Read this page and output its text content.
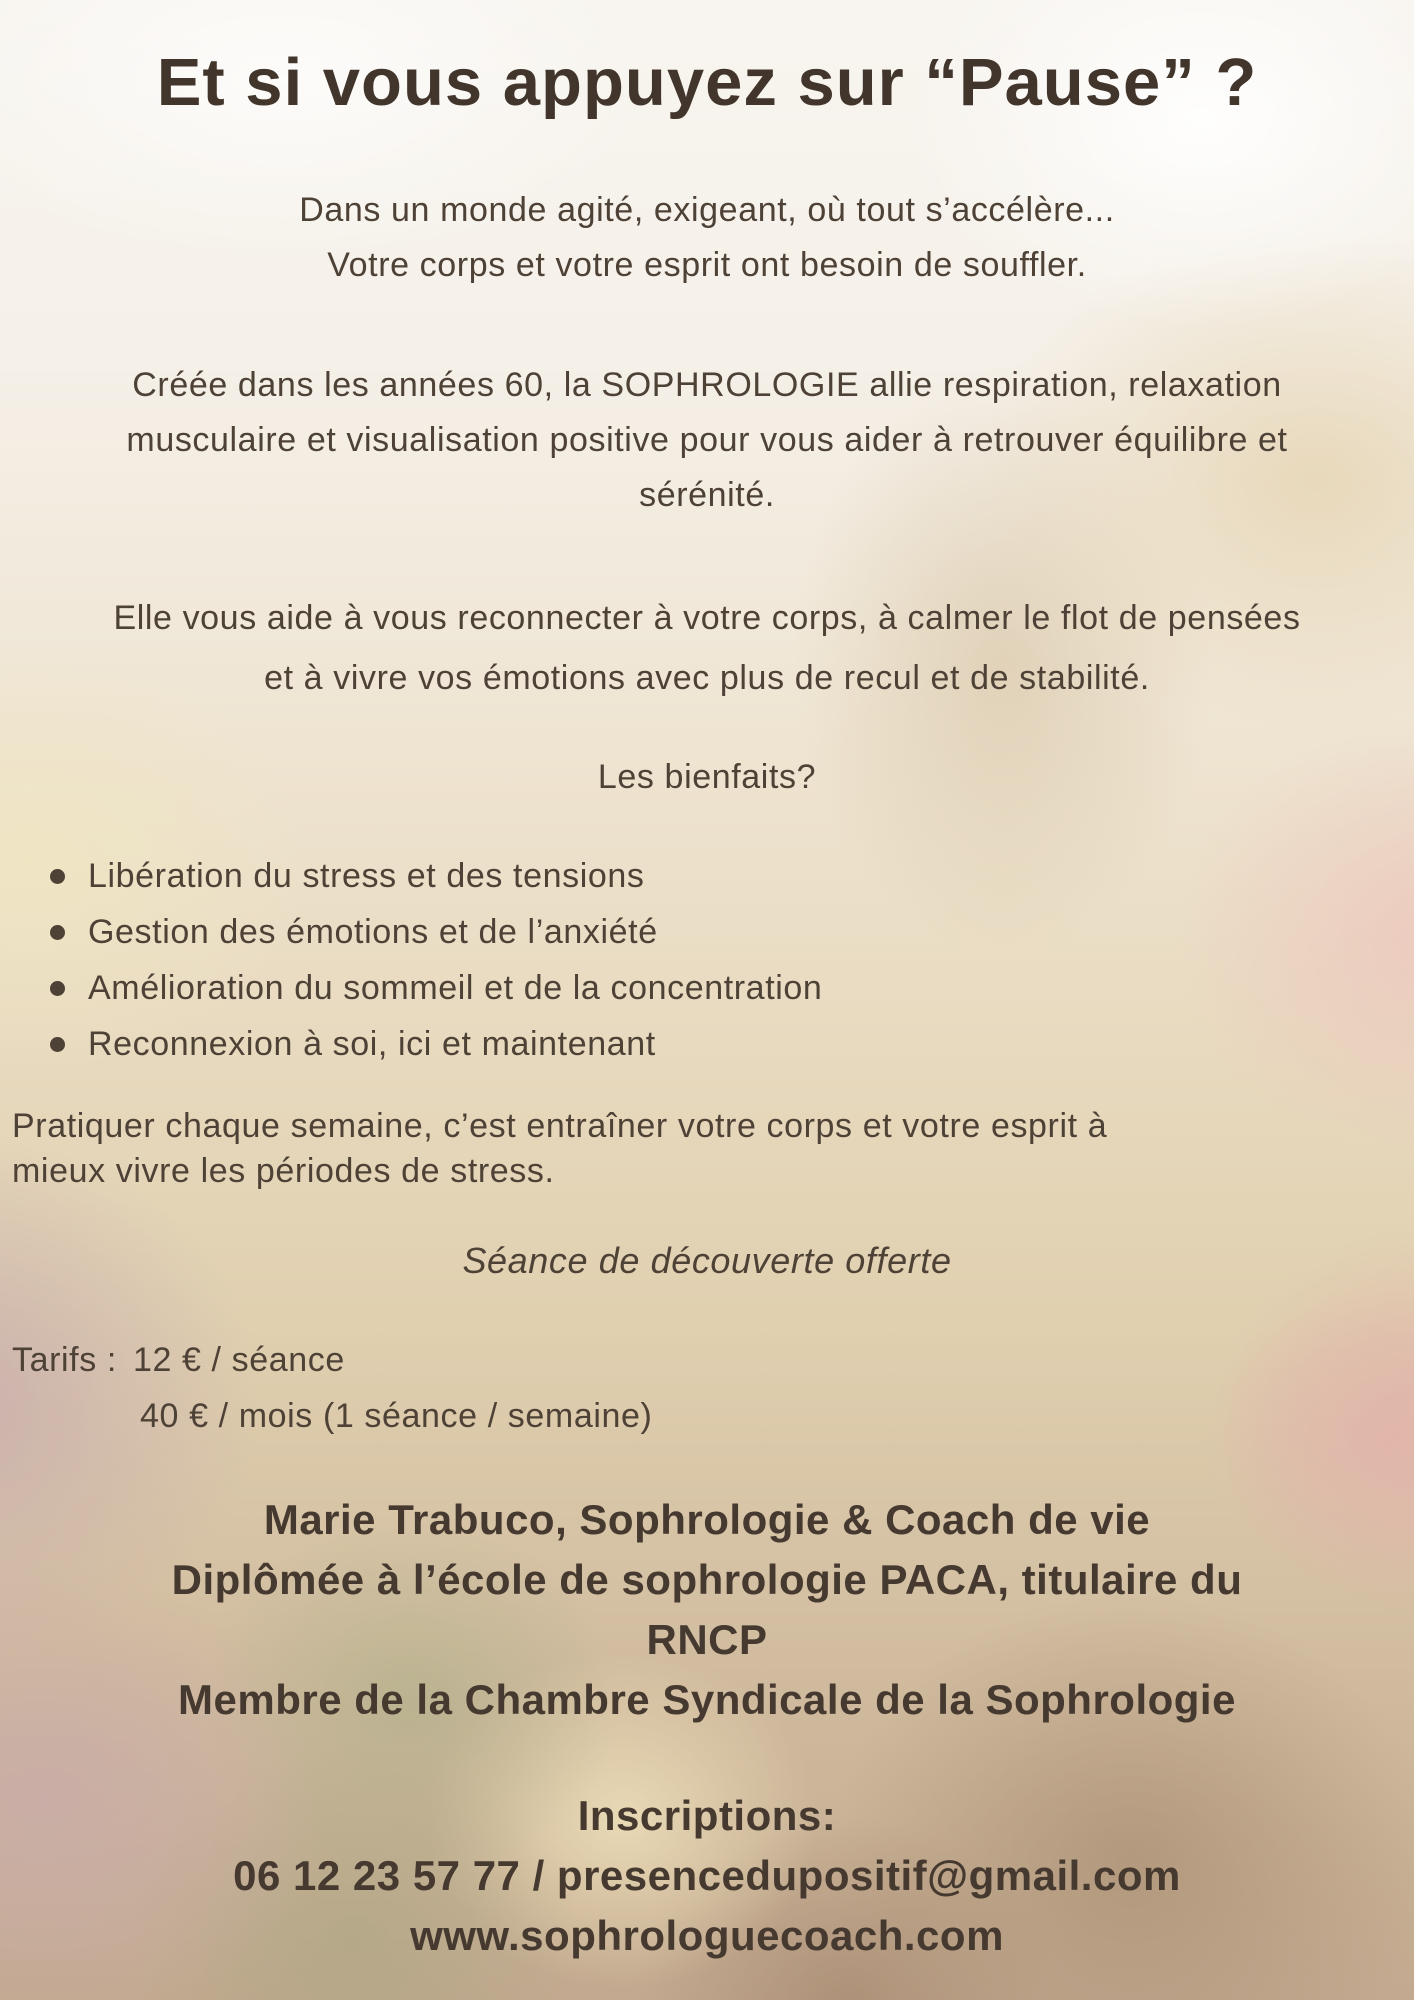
Et si vous appuyez sur “Pause” ?
Dans un monde agité, exigeant, où tout s’accélère...
Votre corps et votre esprit ont besoin de souffler.
Créée dans les années 60, la SOPHROLOGIE allie respiration, relaxation
musculaire et visualisation positive pour vous aider à retrouver équilibre et
sérénité.
Elle vous aide à vous reconnecter à votre corps, à calmer le flot de pensées
et à vivre vos émotions avec plus de recul et de stabilité.
Les bienfaits?
Libération du stress et des tensions
Gestion des émotions et de l’anxiété
Amélioration du sommeil et de la concentration
Reconnexion à soi, ici et maintenant
Pratiquer chaque semaine, c’est entraîner votre corps et votre esprit à
mieux vivre les périodes de stress.
Séance de découverte offerte
Tarifs : 12 € / séance
40 € / mois (1 séance / semaine)
Marie Trabuco, Sophrologie & Coach de vie
Diplômée à l’école de sophrologie PACA, titulaire du
RNCP
Membre de la Chambre Syndicale de la Sophrologie
Inscriptions:
06 12 23 57 77 / presencedupositif@gmail.com
www.sophrologuecoach.com
